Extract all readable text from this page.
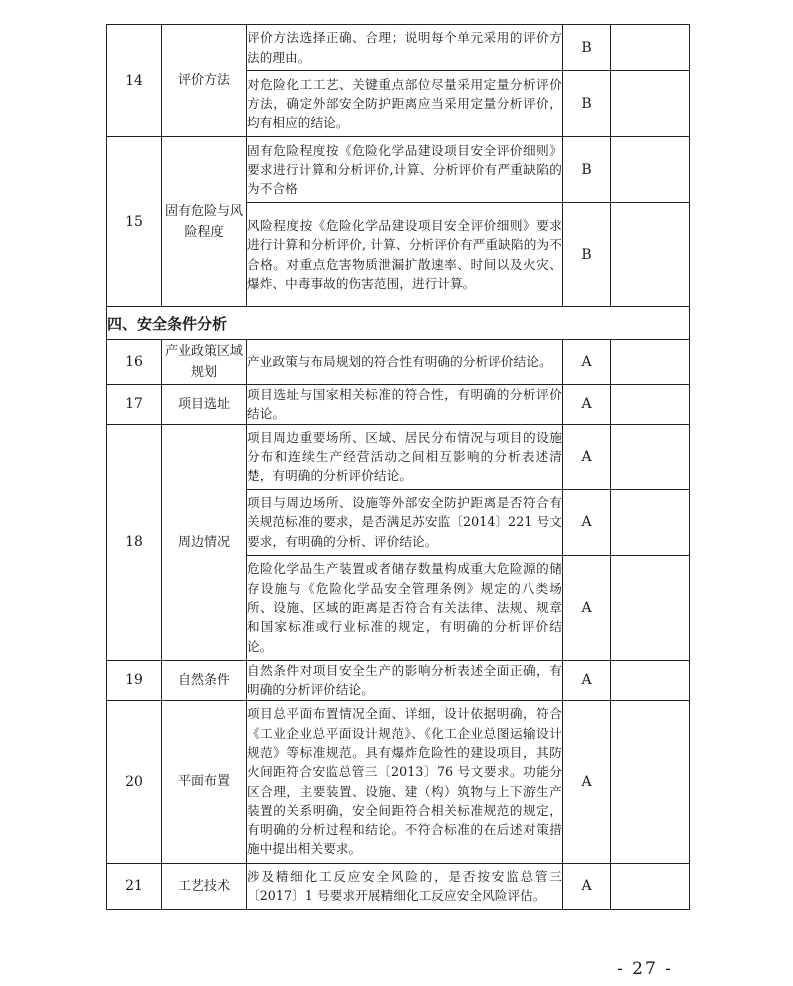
14	评价方法	评价方法选择正确、合理；说明每个单元采用的评价方法的理由。	B	
		对危险化工工艺、关键重点部位尽量采用定量分析评价方法，确定外部安全防护距离应当采用定量分析评价，均有相应的结论。	B	
15	固有危险与风险程度	固有危险程度按《危险化学品建设项目安全评价细则》要求进行计算和分析评价,计算、分析评价有严重缺陷的为不合格	B	
		风险程度按《危险化学品建设项目安全评价细则》要求进行计算和分析评价, 计算、分析评价有严重缺陷的为不合格。对重点危害物质泄漏扩散速率、时间以及火灾、爆炸、中毒事故的伤害范围，进行计算。	B	
四、安全条件分析				
16	产业政策区域规划	产业政策与布局规划的符合性有明确的分析评价结论。	A	
17	项目选址	项目选址与国家相关标准的符合性，有明确的分析评价结论。	A	
18	周边情况	项目周边重要场所、区域、居民分布情况与项目的设施分布和连续生产经营活动之间相互影响的分析表述清楚，有明确的分析评价结论。	A	
		项目与周边场所、设施等外部安全防护距离是否符合有关规范标准的要求，是否满足苏安监〔2014〕221 号文要求，有明确的分析、评价结论。	A	
		危险化学品生产装置或者储存数量构成重大危险源的储存设施与《危险化学品安全管理条例》规定的八类场所、设施、区域的距离是否符合有关法律、法规、规章和国家标准或行业标准的规定，有明确的分析评价结论。	A	
19	自然条件	自然条件对项目安全生产的影响分析表述全面正确，有明确的分析评价结论。	A	
20	平面布置	项目总平面布置情况全面、详细，设计依据明确，符合《工业企业总平面设计规范》、《化工企业总图运输设计规范》等标准规范。具有爆炸危险性的建设项目，其防火间距符合安监总管三〔2013〕76 号文要求。功能分区合理，主要装置、设施、建（构）筑物与上下游生产装置的关系明确，安全间距符合相关标准规范的规定，有明确的分析过程和结论。不符合标准的在后述对策措施中提出相关要求。	A	
21	工艺技术	涉及精细化工反应安全风险的，是否按安监总管三〔2017〕1 号要求开展精细化工反应安全风险评估。	A	
- 27 -
